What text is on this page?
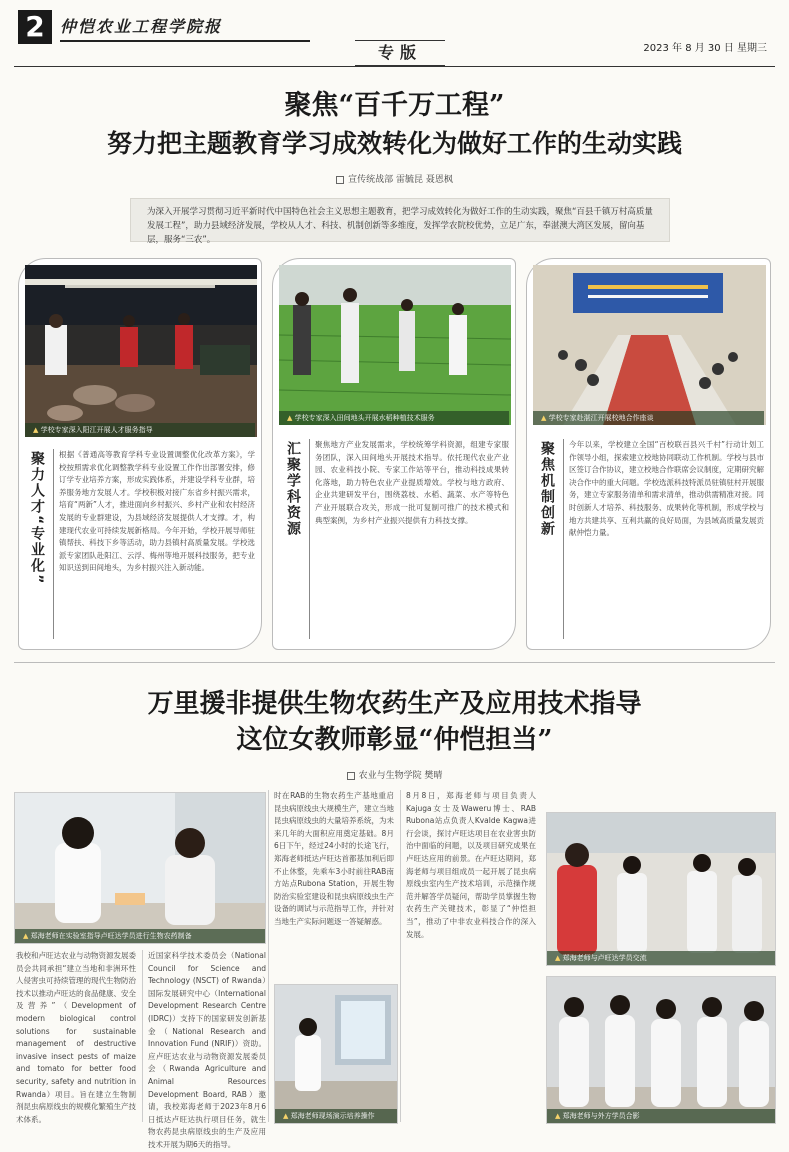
2 仲恺农业工程学院报
专版	2023 年 8 月 30 日 星期三
聚焦“百千万工程”
努力把主题教育学习成效转化为做好工作的生动实践
宣传统战部 雷毓昆 聂恩枫
为深入开展学习贯彻习近平新时代中国特色社会主义思想主题教育，把学习成效转化为做好工作的生动实践，聚焦“百县千镇万村高质量发展工程”，助力县域经济发展，学校从人才、科技、机制创新等多维度，发挥学农院校优势，立足广东，奉湛澳大湾区发展，留向基层，服务“三农”。
▲ 学校专家深入阳江开展人才服务指导
聚力人才“专业化” 根据《普通高等教育学科专业设置调整优化改革方案》，学校按照需求优化调整教学科专业设置工作作出部署安排，修订学专业培养方案，形成实践体系，并建设学科专业群，培养服务地方发展人才。学校积极对接广东省乡村振兴需求，培育“两新”人才，推进面向乡村振兴、乡村产业和农村经济发展的专业群建设，为县域经济发展提供人才支撑。才，构建现代农业可持续发展新格局。今年开始，学校开展导师驻镇帮扶、科技下乡等活动，助力县镇村高质量发展。学校选派专家团队赴阳江、云浮、梅州等地开展科技服务，把专业知识送到田间地头，为乡村振兴注入新动能。
▲ 学校专家深入田间地头开展水稻种植技术服务
汇聚学科资源 聚焦地方产业发展需求，学校统筹学科资源，组建专家服务团队，深入田间地头开展技术指导。依托现代农业产业园、农业科技小院、专家工作站等平台，推动科技成果转化落地，助力特色农业产业提质增效。学校与地方政府、企业共建研发平台，围绕荔枝、水稻、蔬菜、水产等特色产业开展联合攻关，形成一批可复制可推广的技术模式和典型案例，为乡村产业振兴提供有力科技支撑。
▲ 学校专家赴湛江开展校地合作座谈
聚焦机制创新 今年以来，学校建立全国“百校联百县兴千村”行动计划工作领导小组，探索建立校地协同联动工作机制。学校与县市区签订合作协议，建立校地合作联席会议制度，定期研究解决合作中的重大问题。学校选派科技特派员驻镇驻村开展服务，建立专家服务清单和需求清单，推动供需精准对接。同时创新人才培养、科技服务、成果转化等机制，形成学校与地方共建共享、互利共赢的良好局面，为县域高质量发展贡献仲恺力量。
万里援非提供生物农药生产及应用技术指导
这位女教师彰显“仲恺担当”
农业与生物学院 樊晴
▲ 郑海老师在实验室指导卢旺达学员进行生物农药制备
我校和卢旺达农业与动物资源发展委员会共同承担“建立当地和非洲环性人侵害虫可持续管理的现代生物防治技术以推动卢旺达的食品健康、安全及营养”（Development of modern biological control solutions for sustainable management of destructive invasive insect pests of maize and tomato for better food security, safety and nutrition in Rwanda）项目。旨在建立生物制剂昆虫病原线虫的规模化繁殖生产技术体系。
近国家科学技术委员会（National Council for Science and Technology (NSCT) of Rwanda）国际发展研究中心（International Development Research Centre (IDRC)）支持下的国家研发创新基金（National Research and Innovation Fund (NRIF)）资助。应卢旺达农业与动物资源发展委员会（Rwanda Agriculture and Animal Resources Development Board, RAB）邀请，我校郑海老师于2023年8月6日抵达卢旺达执行项目任务，就生物农药昆虫病原线虫的生产及应用技术开展为期6天的指导。
时在RAB的生物农药生产基地重启昆虫病原线虫大规模生产，建立当地昆虫病原线虫的大量培养系统，为未来几年的大面积应用奠定基础。8月6日下午，经过24小时的长途飞行，郑海老师抵达卢旺达首都基加利后即不止休整，先乘车3小时前往RAB南方站点Rubona Station，开展生物防治实验室建设和昆虫病原线虫生产设备的调试与示范指导工作，并针对当地生产实际问题逐一答疑解惑。
▲ 郑海老师现场演示培养操作
8月8日，郑海老师与项目负责人Kajuga女士及Waweru博士、RAB Rubona站点负责人Kvalde Kagwa进行会谈，探讨卢旺达项目在农业害虫防治中面临的问题，以及项目研究成果在卢旺达应用的前景。在卢旺达期间，郑海老师与项目组成员一起开展了昆虫病原线虫室内生产技术培训，示范操作规范并解答学员疑问，帮助学员掌握生物农药生产关键技术，彰显了“仲恺担当”，推动了中非农业科技合作的深入发展。
▲ 郑海老师与卢旺达学员交流
▲ 郑海老师与外方学员合影
